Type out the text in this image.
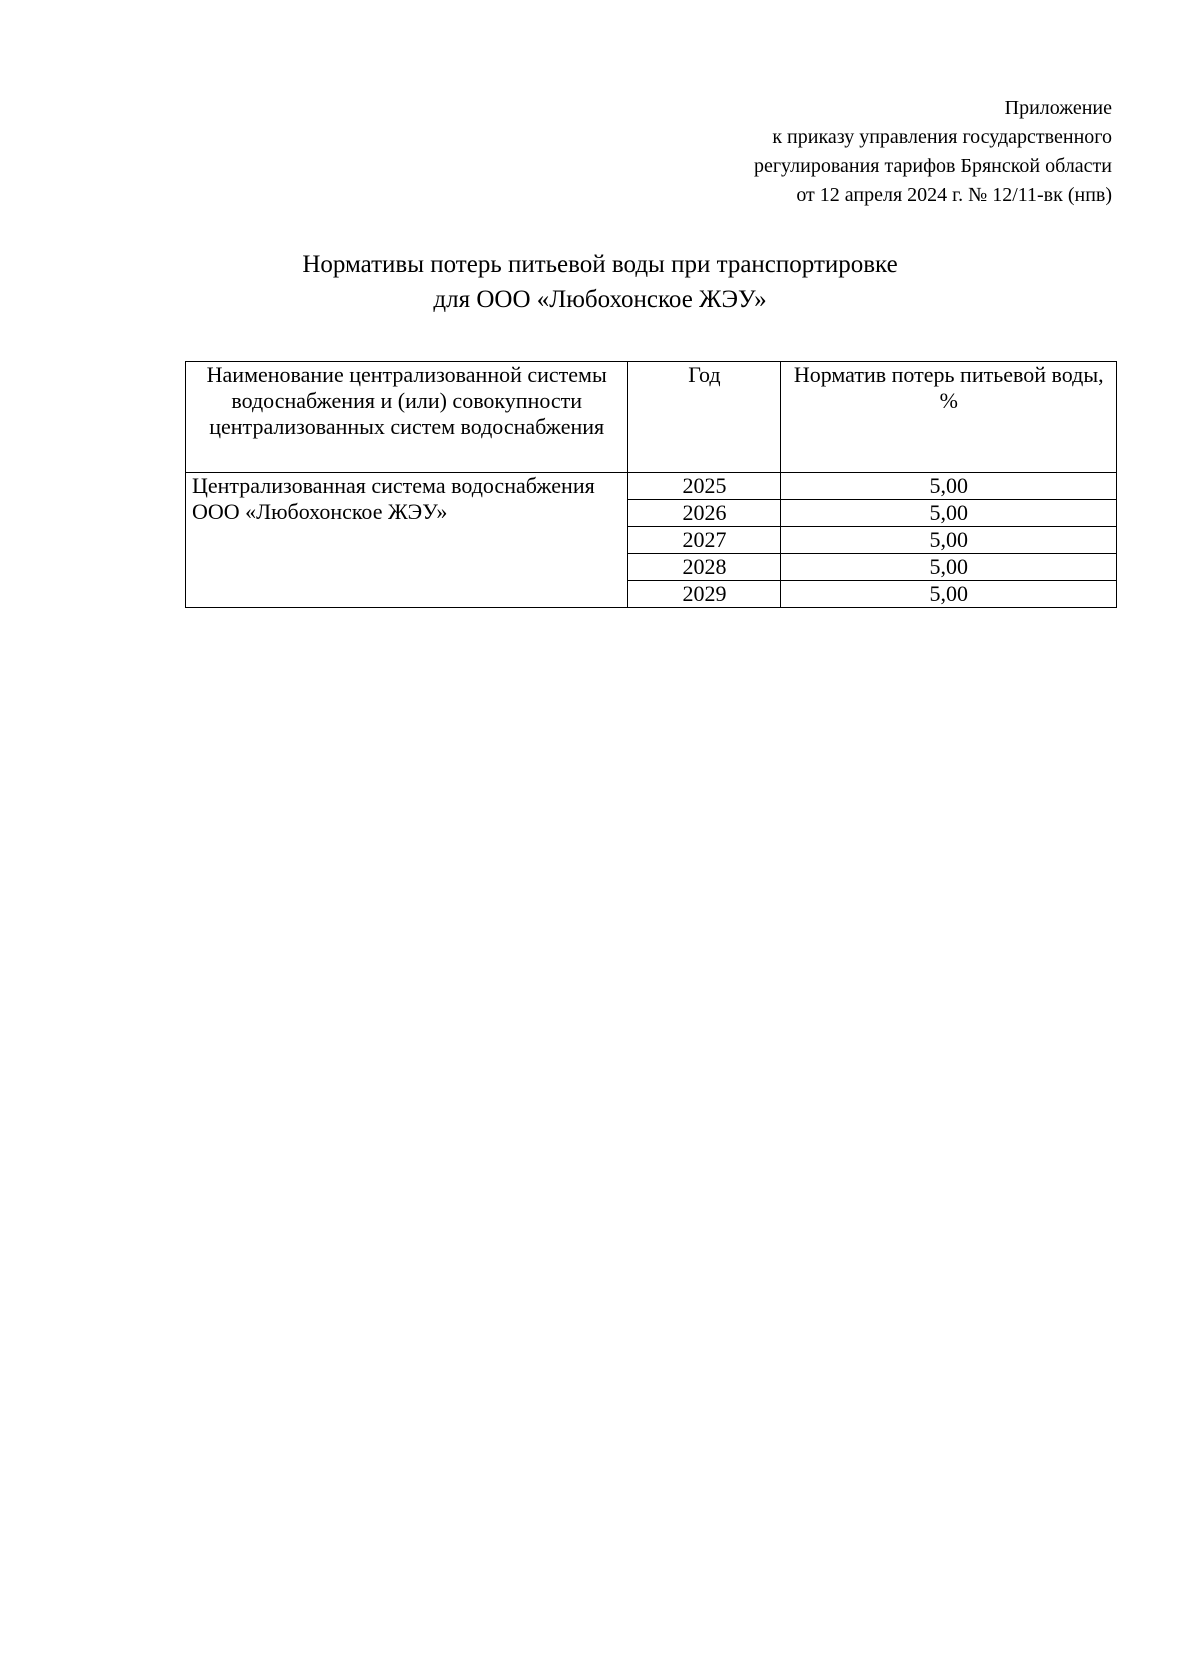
Приложение
к приказу управления государственного
регулирования тарифов Брянской области
от 12 апреля 2024 г. № 12/11-вк (нпв)
Нормативы потерь питьевой воды при транспортировке
для ООО «Любохонское ЖЭУ»
Наименование централизованной системы водоснабжения и (или) совокупности централизованных систем водоснабжения	Год	Норматив потерь питьевой воды, %
Централизованная система водоснабжения ООО «Любохонское ЖЭУ»	2025	5,00
	2026	5,00
	2027	5,00
	2028	5,00
	2029	5,00
